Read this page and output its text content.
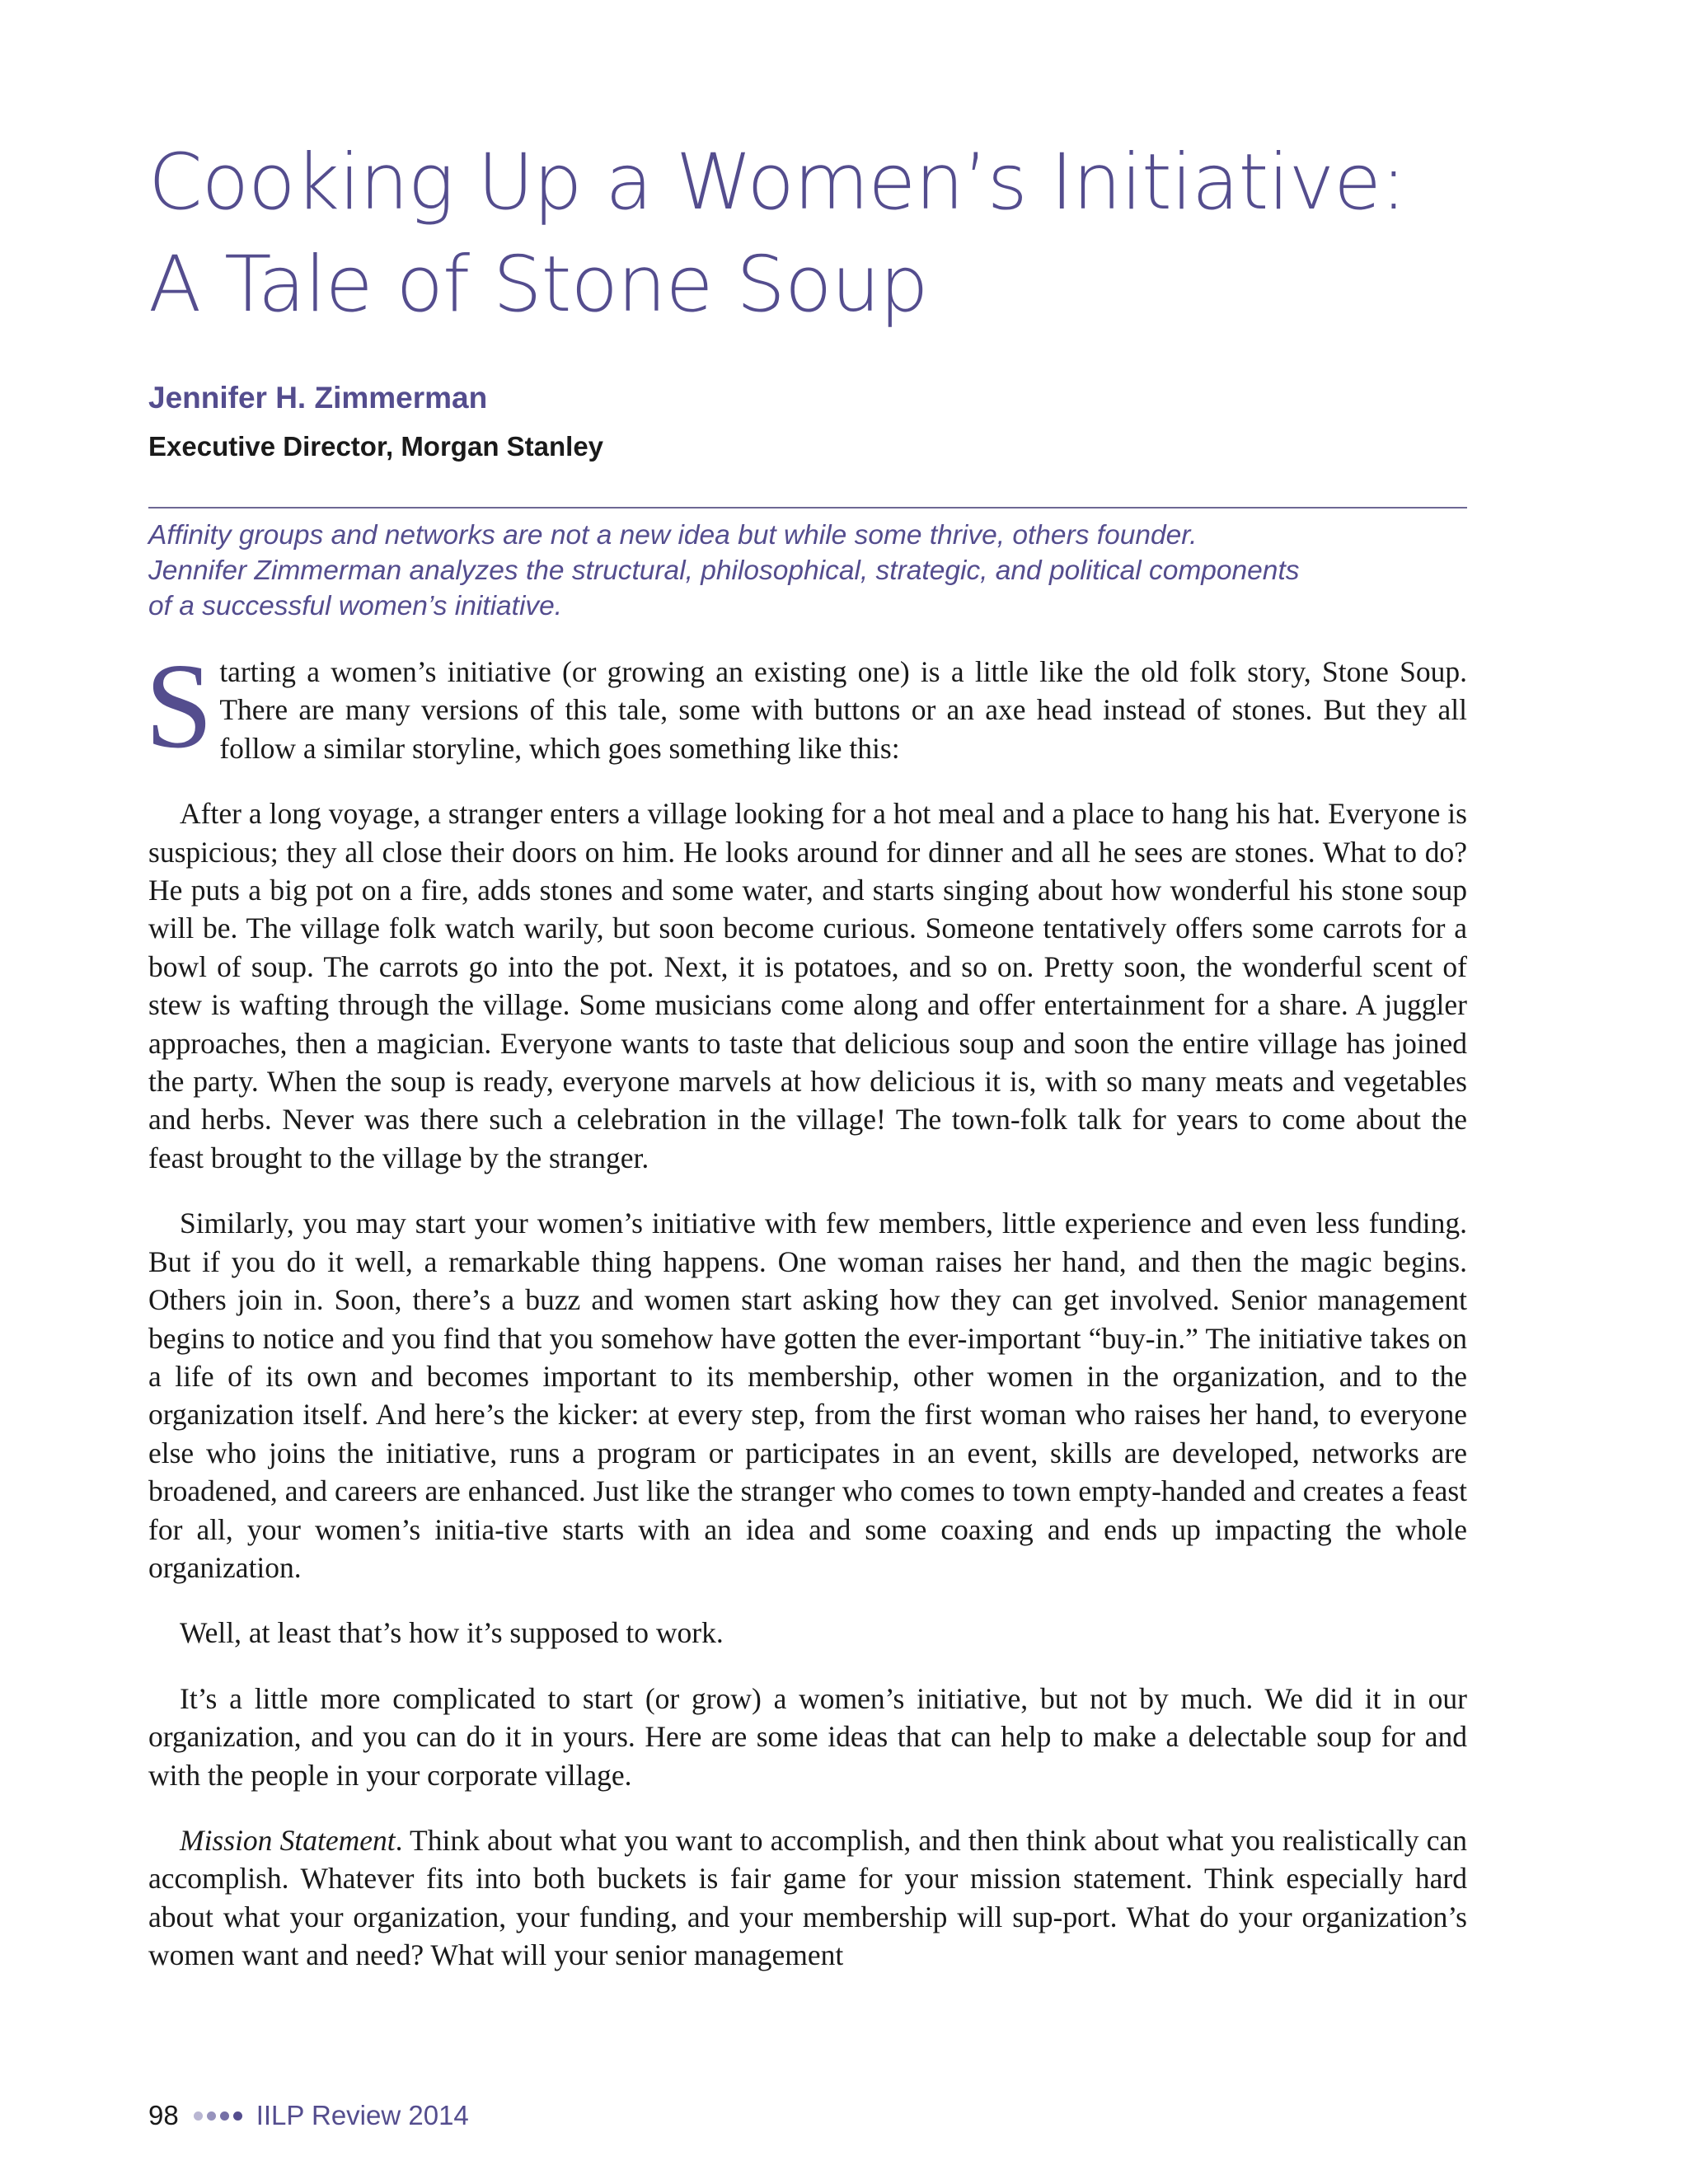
Cooking Up a Women’s Initiative:
A Tale of Stone Soup
Jennifer H. Zimmerman
Executive Director, Morgan Stanley
Affinity groups and networks are not a new idea but while some thrive, others founder.
Jennifer Zimmerman analyzes the structural, philosophical, strategic, and political components
of a successful women’s initiative.

Starting a women’s initiative (or growing an existing one) is a little like the old folk story, Stone Soup. There are many versions of this tale, some with buttons or an axe head instead of stones. But they all follow a similar storyline, which goes something like this:

After a long voyage, a stranger enters a village looking for a hot meal and a place to hang his hat. Everyone is suspicious; they all close their doors on him. He looks around for dinner and all he sees are stones. What to do? He puts a big pot on a fire, adds stones and some water, and starts singing about how wonderful his stone soup will be. The village folk watch warily, but soon become curious. Someone tentatively offers some carrots for a bowl of soup. The carrots go into the pot. Next, it is potatoes, and so on. Pretty soon, the wonderful scent of stew is wafting through the village. Some musicians come along and offer entertainment for a share. A juggler approaches, then a magician. Everyone wants to taste that delicious soup and soon the entire village has joined the party. When the soup is ready, everyone marvels at how delicious it is, with so many meats and vegetables and herbs. Never was there such a celebration in the village! The town-folk talk for years to come about the feast brought to the village by the stranger.

Similarly, you may start your women’s initiative with few members, little experience and even less funding. But if you do it well, a remarkable thing happens. One woman raises her hand, and then the magic begins. Others join in. Soon, there’s a buzz and women start asking how they can get involved. Senior management begins to notice and you find that you somehow have gotten the ever-important “buy-in.” The initiative takes on a life of its own and becomes important to its membership, other women in the organization, and to the organization itself. And here’s the kicker: at every step, from the first woman who raises her hand, to everyone else who joins the initiative, runs a program or participates in an event, skills are developed, networks are broadened, and careers are enhanced. Just like the stranger who comes to town empty-handed and creates a feast for all, your women’s initia-tive starts with an idea and some coaxing and ends up impacting the whole organization.

Well, at least that’s how it’s supposed to work.

It’s a little more complicated to start (or grow) a women’s initiative, but not by much. We did it in our organization, and you can do it in yours. Here are some ideas that can help to make a delectable soup for and with the people in your corporate village.

Mission Statement. Think about what you want to accomplish, and then think about what you realistically can accomplish. Whatever fits into both buckets is fair game for your mission statement. Think especially hard about what your organization, your funding, and your membership will sup-port. What do your organization’s women want and need? What will your senior management

98	IILP Review 2014
